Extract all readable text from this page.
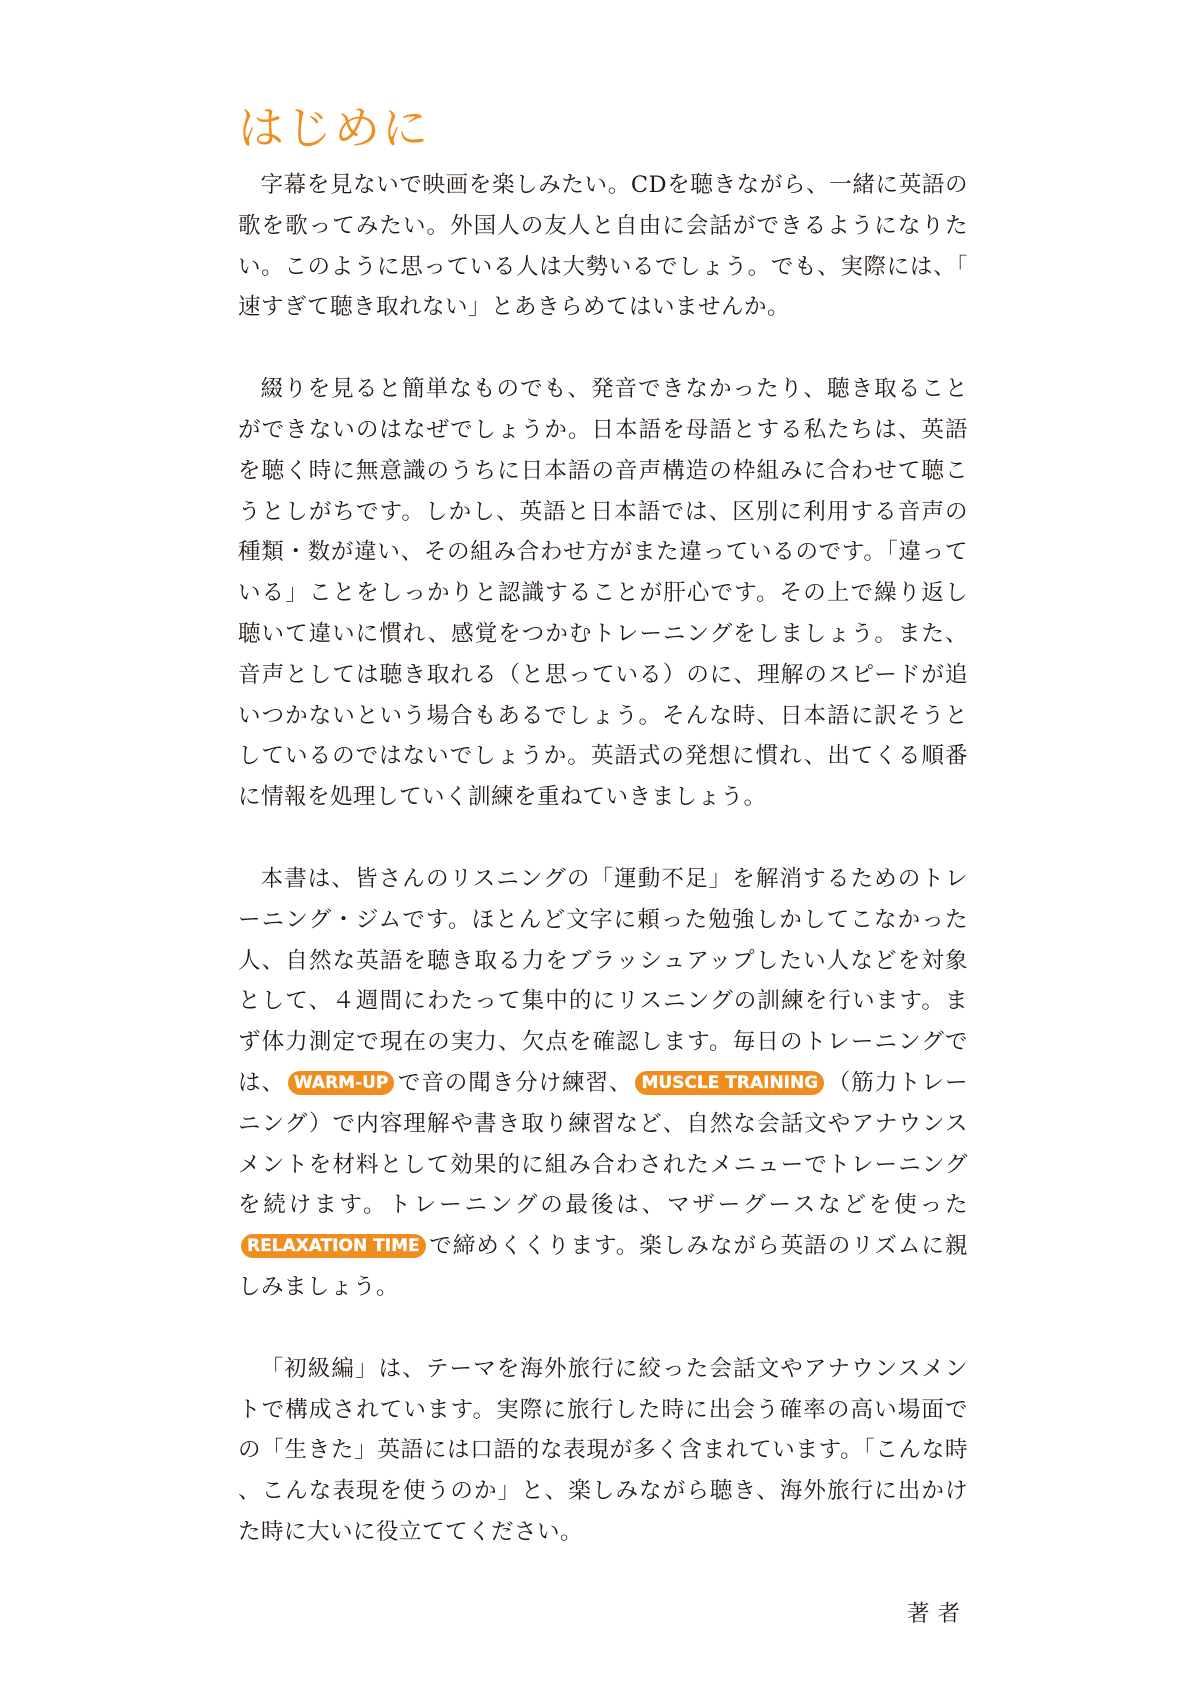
はじめに

字幕を見ないで映画を楽しみたい。CDを聴きながら、一緒に英語の歌を歌ってみたい。外国人の友人と自由に会話ができるようになりたい。このように思っている人は大勢いるでしょう。でも、実際には、「速すぎて聴き取れない」とあきらめてはいませんか。

綴りを見ると簡単なものでも、発音できなかったり、聴き取ることができないのはなぜでしょうか。日本語を母語とする私たちは、英語を聴く時に無意識のうちに日本語の音声構造の枠組みに合わせて聴こうとしがちです。しかし、英語と日本語では、区別に利用する音声の種類・数が違い、その組み合わせ方がまた違っているのです。「違っている」ことをしっかりと認識することが肝心です。その上で繰り返し聴いて違いに慣れ、感覚をつかむトレーニングをしましょう。また、音声としては聴き取れる（と思っている）のに、理解のスピードが追いつかないという場合もあるでしょう。そんな時、日本語に訳そうとしているのではないでしょうか。英語式の発想に慣れ、出てくる順番に情報を処理していく訓練を重ねていきましょう。

本書は、皆さんのリスニングの「運動不足」を解消するためのトレーニング・ジムです。ほとんど文字に頼った勉強しかしてこなかった人、自然な英語を聴き取る力をブラッシュアップしたい人などを対象として、４週間にわたって集中的にリスニングの訓練を行います。まず体力測定で現在の実力、欠点を確認します。毎日のトレーニングでは、 WARM-UP で音の聞き分け練習、 MUSCLE TRAINING （筋力トレーニング）で内容理解や書き取り練習など、自然な会話文やアナウンスメントを材料として効果的に組み合わされたメニューでトレーニングを続けます。トレーニングの最後は、マザーグースなどを使ったRELAXATION TIME で締めくくります。楽しみながら英語のリズムに親しみましょう。

「初級編」は、テーマを海外旅行に絞った会話文やアナウンスメントで構成されています。実際に旅行した時に出会う確率の高い場面での「生きた」英語には口語的な表現が多く含まれています。「こんな時、こんな表現を使うのか」と、楽しみながら聴き、海外旅行に出かけた時に大いに役立ててください。

著者
